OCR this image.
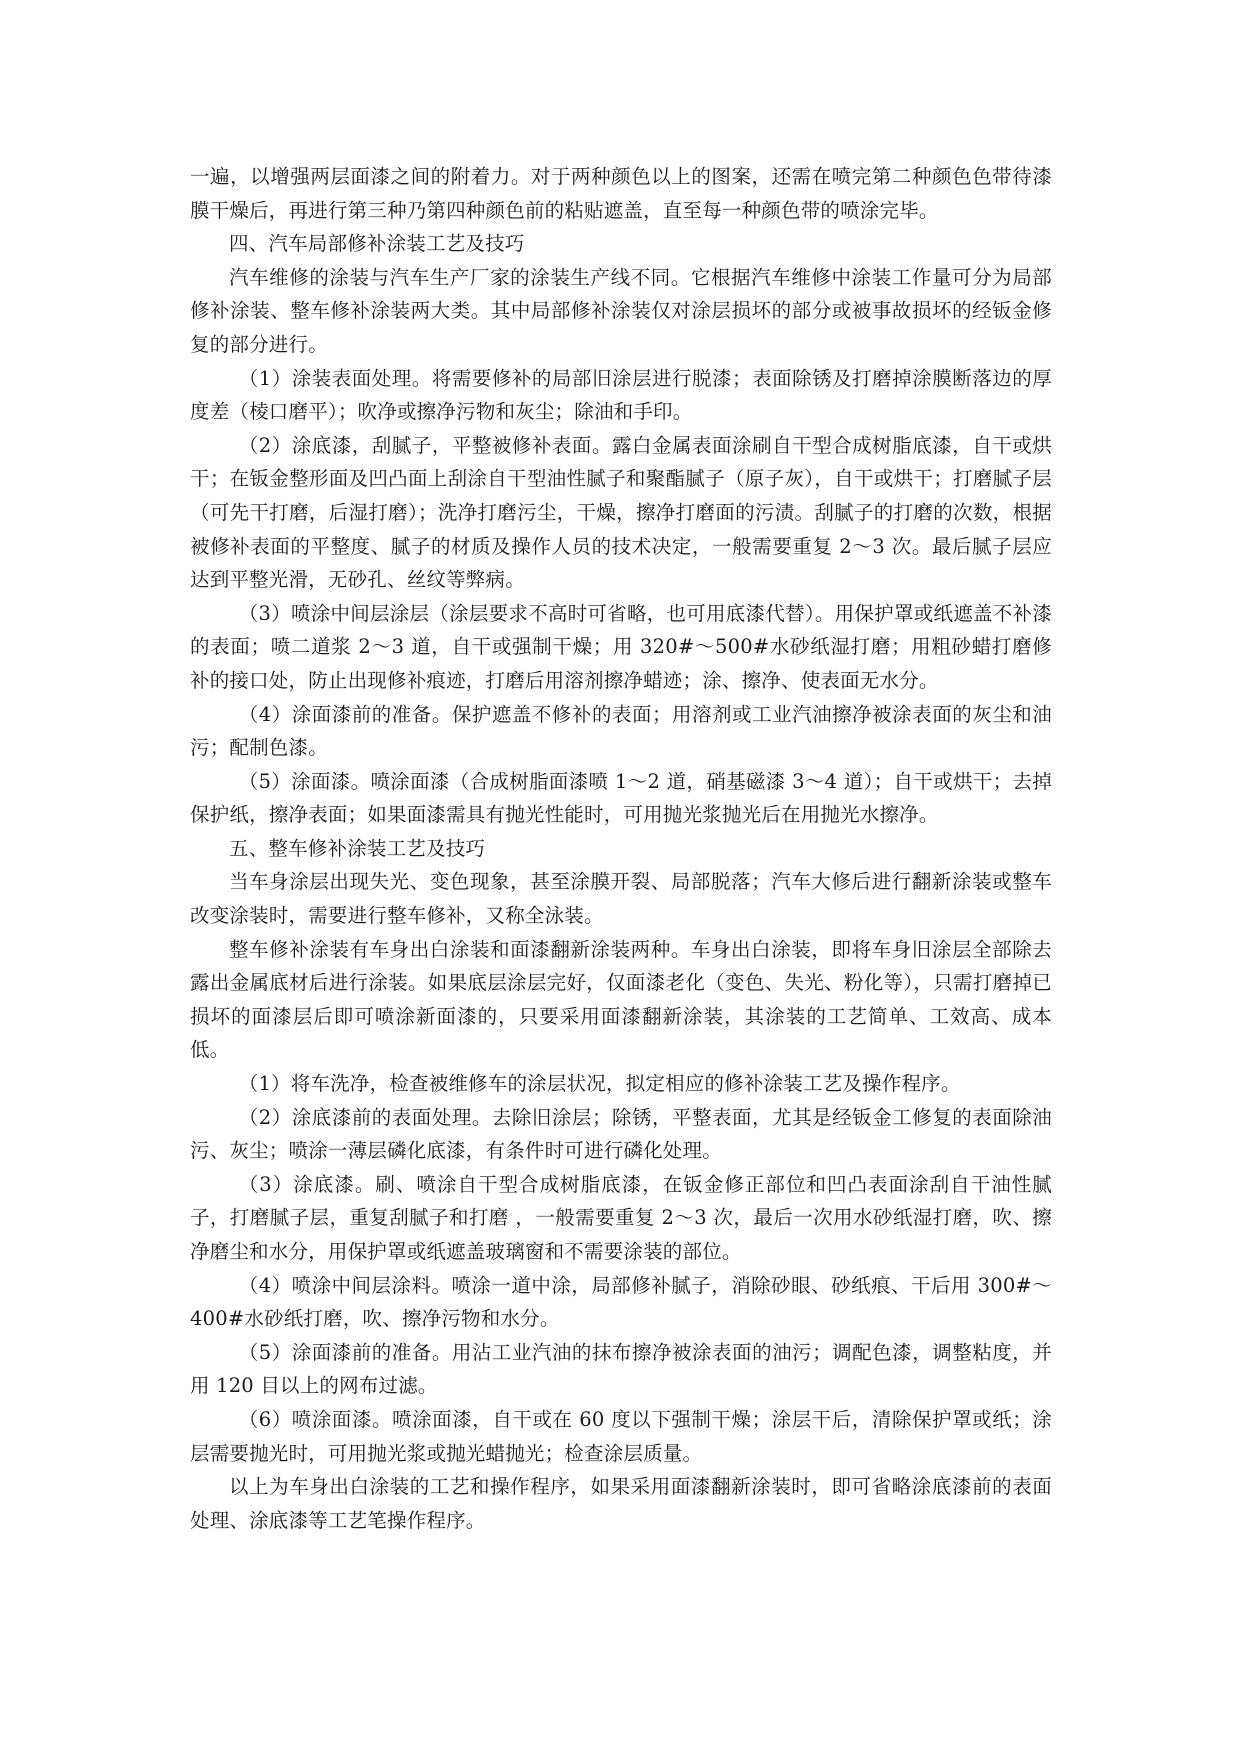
一遍，以增强两层面漆之间的附着力。对于两种颜色以上的图案，还需在喷完第二种颜色色带待漆膜干燥后，再进行第三种乃第四种颜色前的粘贴遮盖，直至每一种颜色带的喷涂完毕。

四、汽车局部修补涂装工艺及技巧

汽车维修的涂装与汽车生产厂家的涂装生产线不同。它根据汽车维修中涂装工作量可分为局部修补涂装、整车修补涂装两大类。其中局部修补涂装仅对涂层损坏的部分或被事故损坏的经钣金修复的部分进行。

（1）涂装表面处理。将需要修补的局部旧涂层进行脱漆；表面除锈及打磨掉涂膜断落边的厚度差（棱口磨平）；吹净或擦净污物和灰尘；除油和手印。

（2）涂底漆，刮腻子，平整被修补表面。露白金属表面涂刷自干型合成树脂底漆，自干或烘干；在钣金整形面及凹凸面上刮涂自干型油性腻子和聚酯腻子（原子灰），自干或烘干；打磨腻子层（可先干打磨，后湿打磨）；洗净打磨污尘，干燥，擦净打磨面的污渍。刮腻子的打磨的次数，根据被修补表面的平整度、腻子的材质及操作人员的技术决定，一般需要重复 2～3 次。最后腻子层应达到平整光滑，无砂孔、丝纹等弊病。

（3）喷涂中间层涂层（涂层要求不高时可省略，也可用底漆代替）。用保护罩或纸遮盖不补漆的表面；喷二道浆 2～3 道，自干或强制干燥；用 320#～500#水砂纸湿打磨；用粗砂蜡打磨修补的接口处，防止出现修补痕迹，打磨后用溶剂擦净蜡迹；涂、擦净、使表面无水分。

（4）涂面漆前的准备。保护遮盖不修补的表面；用溶剂或工业汽油擦净被涂表面的灰尘和油污；配制色漆。

（5）涂面漆。喷涂面漆（合成树脂面漆喷 1～2 道，硝基磁漆 3～4 道）；自干或烘干；去掉保护纸，擦净表面；如果面漆需具有抛光性能时，可用抛光浆抛光后在用抛光水擦净。

五、整车修补涂装工艺及技巧

当车身涂层出现失光、变色现象，甚至涂膜开裂、局部脱落；汽车大修后进行翻新涂装或整车改变涂装时，需要进行整车修补，又称全泳装。

整车修补涂装有车身出白涂装和面漆翻新涂装两种。车身出白涂装，即将车身旧涂层全部除去露出金属底材后进行涂装。如果底层涂层完好，仅面漆老化（变色、失光、粉化等），只需打磨掉已损坏的面漆层后即可喷涂新面漆的，只要采用面漆翻新涂装，其涂装的工艺简单、工效高、成本低。

（1）将车洗净，检查被维修车的涂层状况，拟定相应的修补涂装工艺及操作程序。

（2）涂底漆前的表面处理。去除旧涂层；除锈，平整表面，尤其是经钣金工修复的表面除油污、灰尘；喷涂一薄层磷化底漆，有条件时可进行磷化处理。

（3）涂底漆。刷、喷涂自干型合成树脂底漆，在钣金修正部位和凹凸表面涂刮自干油性腻子，打磨腻子层，重复刮腻子和打磨 ，一般需要重复 2～3 次，最后一次用水砂纸湿打磨，吹、擦净磨尘和水分，用保护罩或纸遮盖玻璃窗和不需要涂装的部位。

（4）喷涂中间层涂料。喷涂一道中涂，局部修补腻子，消除砂眼、砂纸痕、干后用 300#～400#水砂纸打磨，吹、擦净污物和水分。

（5）涂面漆前的准备。用沾工业汽油的抹布擦净被涂表面的油污；调配色漆，调整粘度，并用 120 目以上的网布过滤。

（6）喷涂面漆。喷涂面漆，自干或在 60 度以下强制干燥；涂层干后，清除保护罩或纸；涂层需要抛光时，可用抛光浆或抛光蜡抛光；检查涂层质量。

以上为车身出白涂装的工艺和操作程序，如果采用面漆翻新涂装时，即可省略涂底漆前的表面处理、涂底漆等工艺笔操作程序。
